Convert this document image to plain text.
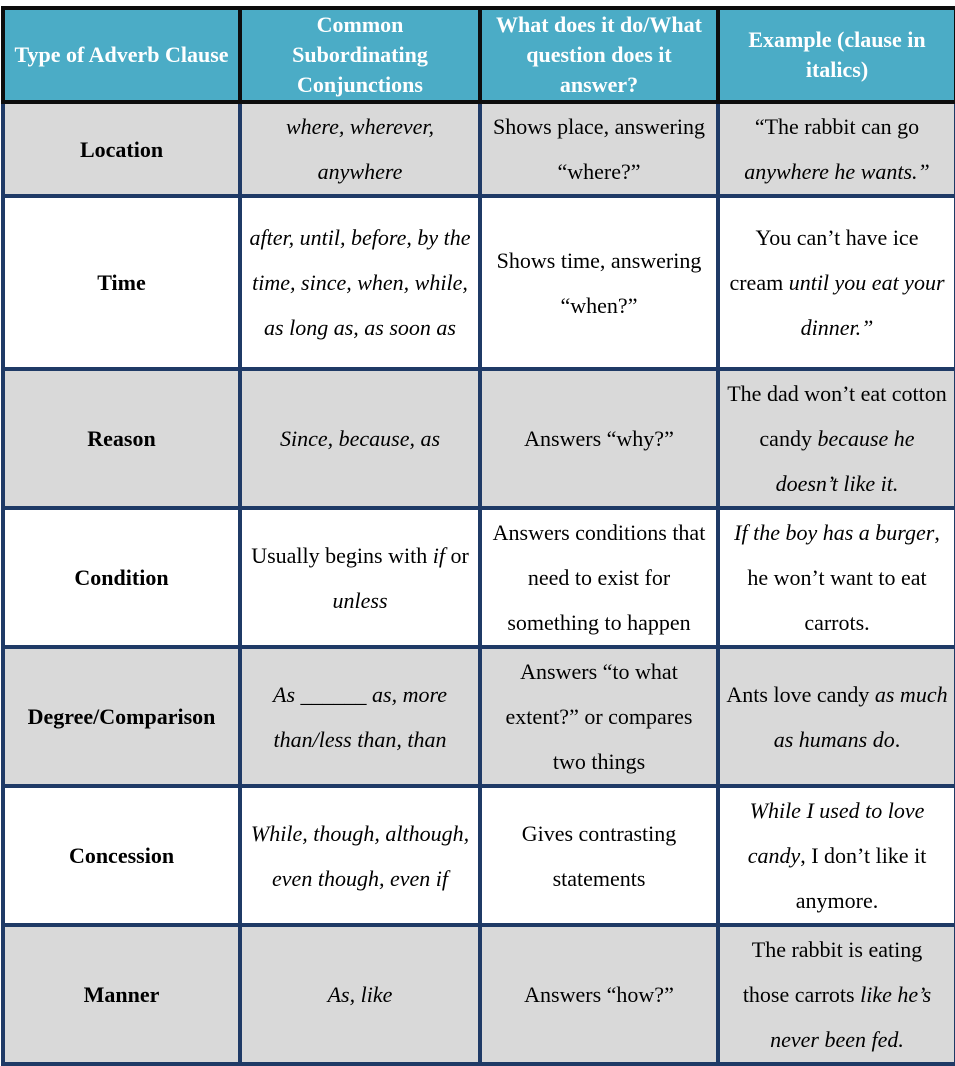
Type of Adverb Clause	Common Subordinating Conjunctions	What does it do/What question does it answer?	Example (clause in italics)
Location	where, wherever, anywhere	Shows place, answering “where?”	“The rabbit can go anywhere he wants.”
Time	after, until, before, by the time, since, when, while, as long as, as soon as	Shows time, answering “when?”	You can’t have ice cream until you eat your dinner.”
Reason	Since, because, as	Answers “why?”	The dad won’t eat cotton candy because he doesn’t like it.
Condition	Usually begins with if or unless	Answers conditions that need to exist for something to happen	If the boy has a burger, he won’t want to eat carrots.
Degree/Comparison	As ______ as, more than/less than, than	Answers “to what extent?” or compares two things	Ants love candy as much as humans do.
Concession	While, though, although, even though, even if	Gives contrasting statements	While I used to love candy, I don’t like it anymore.
Manner	As, like	Answers “how?”	The rabbit is eating those carrots like he’s never been fed.
